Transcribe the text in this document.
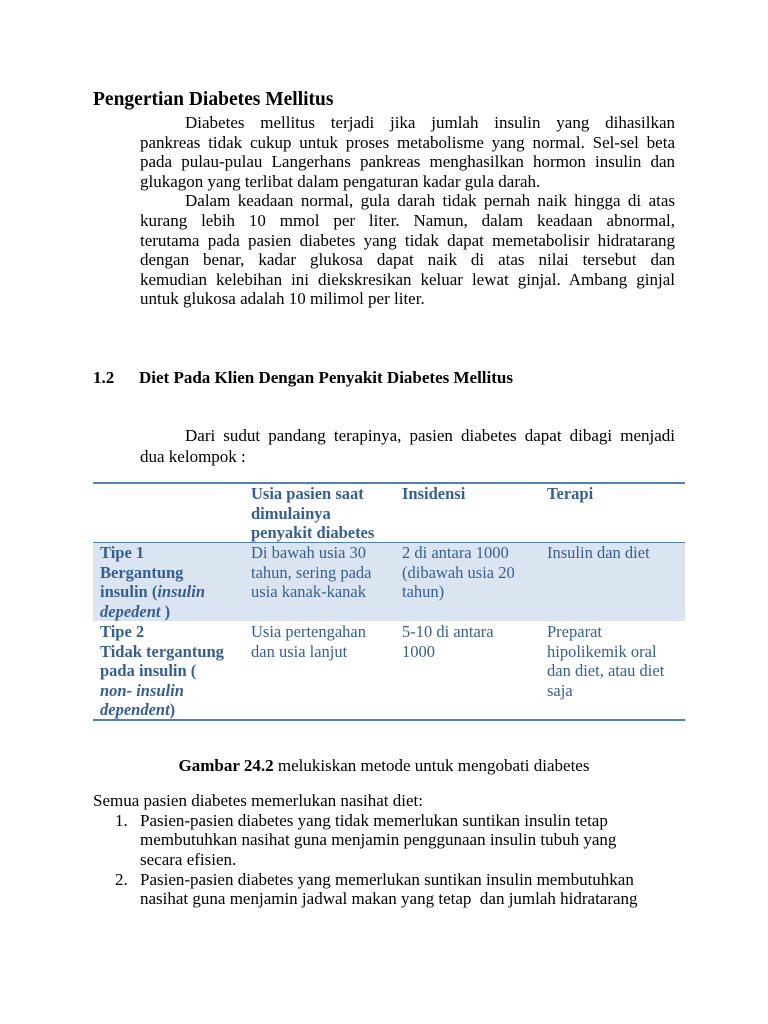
Pengertian Diabetes Mellitus
Diabetes mellitus terjadi jika jumlah insulin yang dihasilkan
pankreas tidak cukup untuk proses metabolisme yang normal. Sel-sel beta
pada pulau-pulau Langerhans pankreas menghasilkan hormon insulin dan
glukagon yang terlibat dalam pengaturan kadar gula darah.
Dalam keadaan normal, gula darah tidak pernah naik hingga di atas
kurang lebih 10 mmol per liter. Namun, dalam keadaan abnormal,
terutama pada pasien diabetes yang tidak dapat memetabolisir hidratarang
dengan benar, kadar glukosa dapat naik di atas nilai tersebut dan
kemudian kelebihan ini diekskresikan keluar lewat ginjal. Ambang ginjal
untuk glukosa adalah 10 milimol per liter.
1.2 Diet Pada Klien Dengan Penyakit Diabetes Mellitus
Dari sudut pandang terapinya, pasien diabetes dapat dibagi menjadi
dua kelompok :
Usia pasien saat
dimulainya
penyakit diabetes
Insidensi	Terapi
Tipe 1
Bergantung
insulin (insulin
depedent )
Di bawah usia 30
tahun, sering pada
usia kanak-kanak
2 di antara 1000
(dibawah usia 20
tahun)
Insulin dan diet
Tipe 2
Tidak tergantung
pada insulin (
non- insulin
dependent)
Usia pertengahan
dan usia lanjut
5-10 di antara
1000
Preparat
hipolikemik oral
dan diet, atau diet
saja
Gambar 24.2 melukiskan metode untuk mengobati diabetes
Semua pasien diabetes memerlukan nasihat diet:
1. Pasien-pasien diabetes yang tidak memerlukan suntikan insulin tetap
membutuhkan nasihat guna menjamin penggunaan insulin tubuh yang
secara efisien.
2. Pasien-pasien diabetes yang memerlukan suntikan insulin membutuhkan
nasihat guna menjamin jadwal makan yang tetap  dan jumlah hidratarang
